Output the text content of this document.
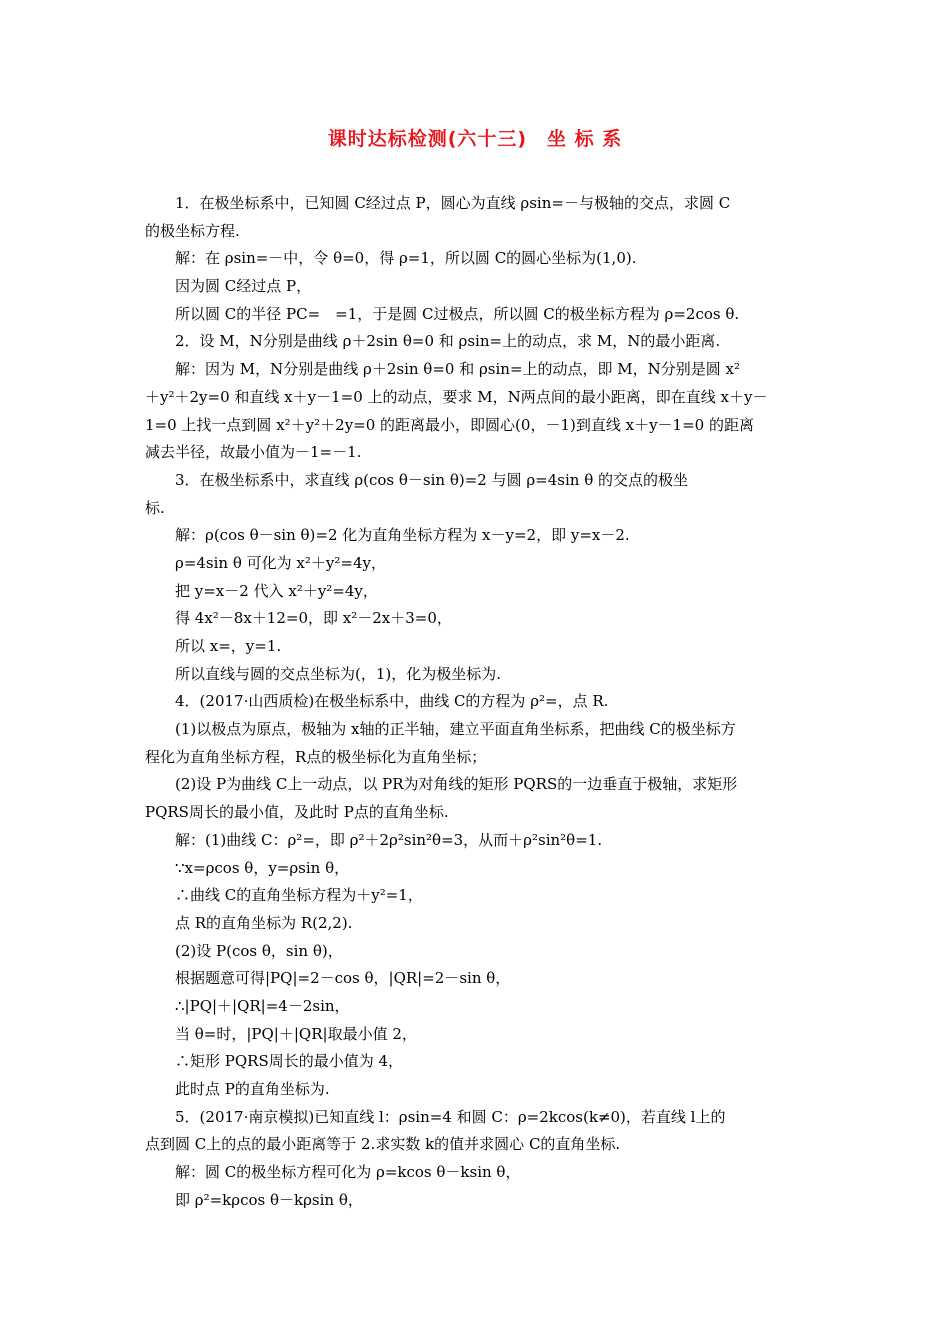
课时达标检测(六十三)　坐 标 系
1．在极坐标系中，已知圆 C经过点 P，圆心为直线 ρsin=－与极轴的交点，求圆 C
的极坐标方程.
解：在 ρsin=－中，令 θ=0，得 ρ=1，所以圆 C的圆心坐标为(1,0).
因为圆 C经过点 P，
所以圆 C的半径 PC=　=1，于是圆 C过极点，所以圆 C的极坐标方程为 ρ=2cos θ.
2．设 M，N分别是曲线 ρ＋2sin θ=0 和 ρsin=上的动点，求 M，N的最小距离.
解：因为 M，N分别是曲线 ρ＋2sin θ=0 和 ρsin=上的动点，即 M，N分别是圆 x²
＋y²＋2y=0 和直线 x＋y－1=0 上的动点，要求 M，N两点间的最小距离，即在直线 x＋y－
1=0 上找一点到圆 x²＋y²＋2y=0 的距离最小，即圆心(0，－1)到直线 x＋y－1=0 的距离
减去半径，故最小值为－1=－1.
3．在极坐标系中，求直线 ρ(cos θ－sin θ)=2 与圆 ρ=4sin θ 的交点的极坐
标.
解：ρ(cos θ－sin θ)=2 化为直角坐标方程为 x－y=2，即 y=x－2.
ρ=4sin θ 可化为 x²＋y²=4y，
把 y=x－2 代入 x²＋y²=4y，
得 4x²－8x＋12=0，即 x²－2x＋3=0，
所以 x=，y=1.
所以直线与圆的交点坐标为(，1)，化为极坐标为.
4．(2017·山西质检)在极坐标系中，曲线 C的方程为 ρ²=，点 R.
(1)以极点为原点，极轴为 x轴的正半轴，建立平面直角坐标系，把曲线 C的极坐标方
程化为直角坐标方程，R点的极坐标化为直角坐标；
(2)设 P为曲线 C上一动点，以 PR为对角线的矩形 PQRS的一边垂直于极轴，求矩形
PQRS周长的最小值，及此时 P点的直角坐标.
解：(1)曲线 C：ρ²=，即 ρ²＋2ρ²sin²θ=3，从而＋ρ²sin²θ=1.
∵x=ρcos θ，y=ρsin θ，
∴曲线 C的直角坐标方程为＋y²=1，
点 R的直角坐标为 R(2,2).
(2)设 P(cos θ，sin θ)，
根据题意可得|PQ|=2－cos θ，|QR|=2－sin θ，
∴|PQ|＋|QR|=4－2sin，
当 θ=时，|PQ|＋|QR|取最小值 2，
∴矩形 PQRS周长的最小值为 4，
此时点 P的直角坐标为.
5．(2017·南京模拟)已知直线 l：ρsin=4 和圆 C：ρ=2kcos(k≠0)，若直线 l上的
点到圆 C上的点的最小距离等于 2.求实数 k的值并求圆心 C的直角坐标.
解：圆 C的极坐标方程可化为 ρ=kcos θ－ksin θ，
即 ρ²=kρcos θ－kρsin θ，
